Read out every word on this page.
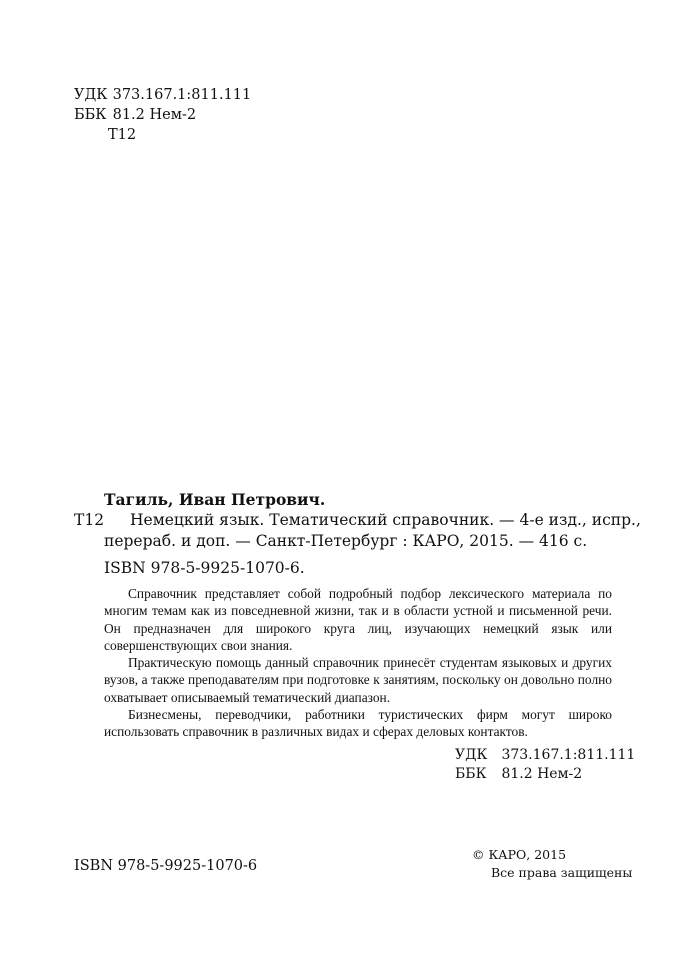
УДК 373.167.1:811.111
ББК 81.2 Нем-2
Т12
Тагиль, Иван Петрович.
Т12 Немецкий язык. Тематический справочник. — 4-е изд., испр.,
перераб. и доп. — Санкт-Петербург : КАРО, 2015. — 416 с.
ISBN 978-5-9925-1070-6.

Справочник представляет собой подробный подбор лексического материала по многим темам как из повседневной жизни, так и в области устной и письменной речи. Он предназначен для широкого круга лиц, изучающих немецкий язык или совершенствующих свои знания.

Практическую помощь данный справочник принесёт студентам языковых и других вузов, а также преподавателям при подготовке к занятиям, поскольку он довольно полно охватывает описываемый тематический диапазон.

Бизнесмены, переводчики, работники туристических фирм могут широко использовать справочник в различных видах и сферах деловых контактов.

УДК 373.167.1:811.111
ББК 81.2 Нем-2
ISBN 978-5-9925-1070-6
© КАРО, 2015
Все права защищены
